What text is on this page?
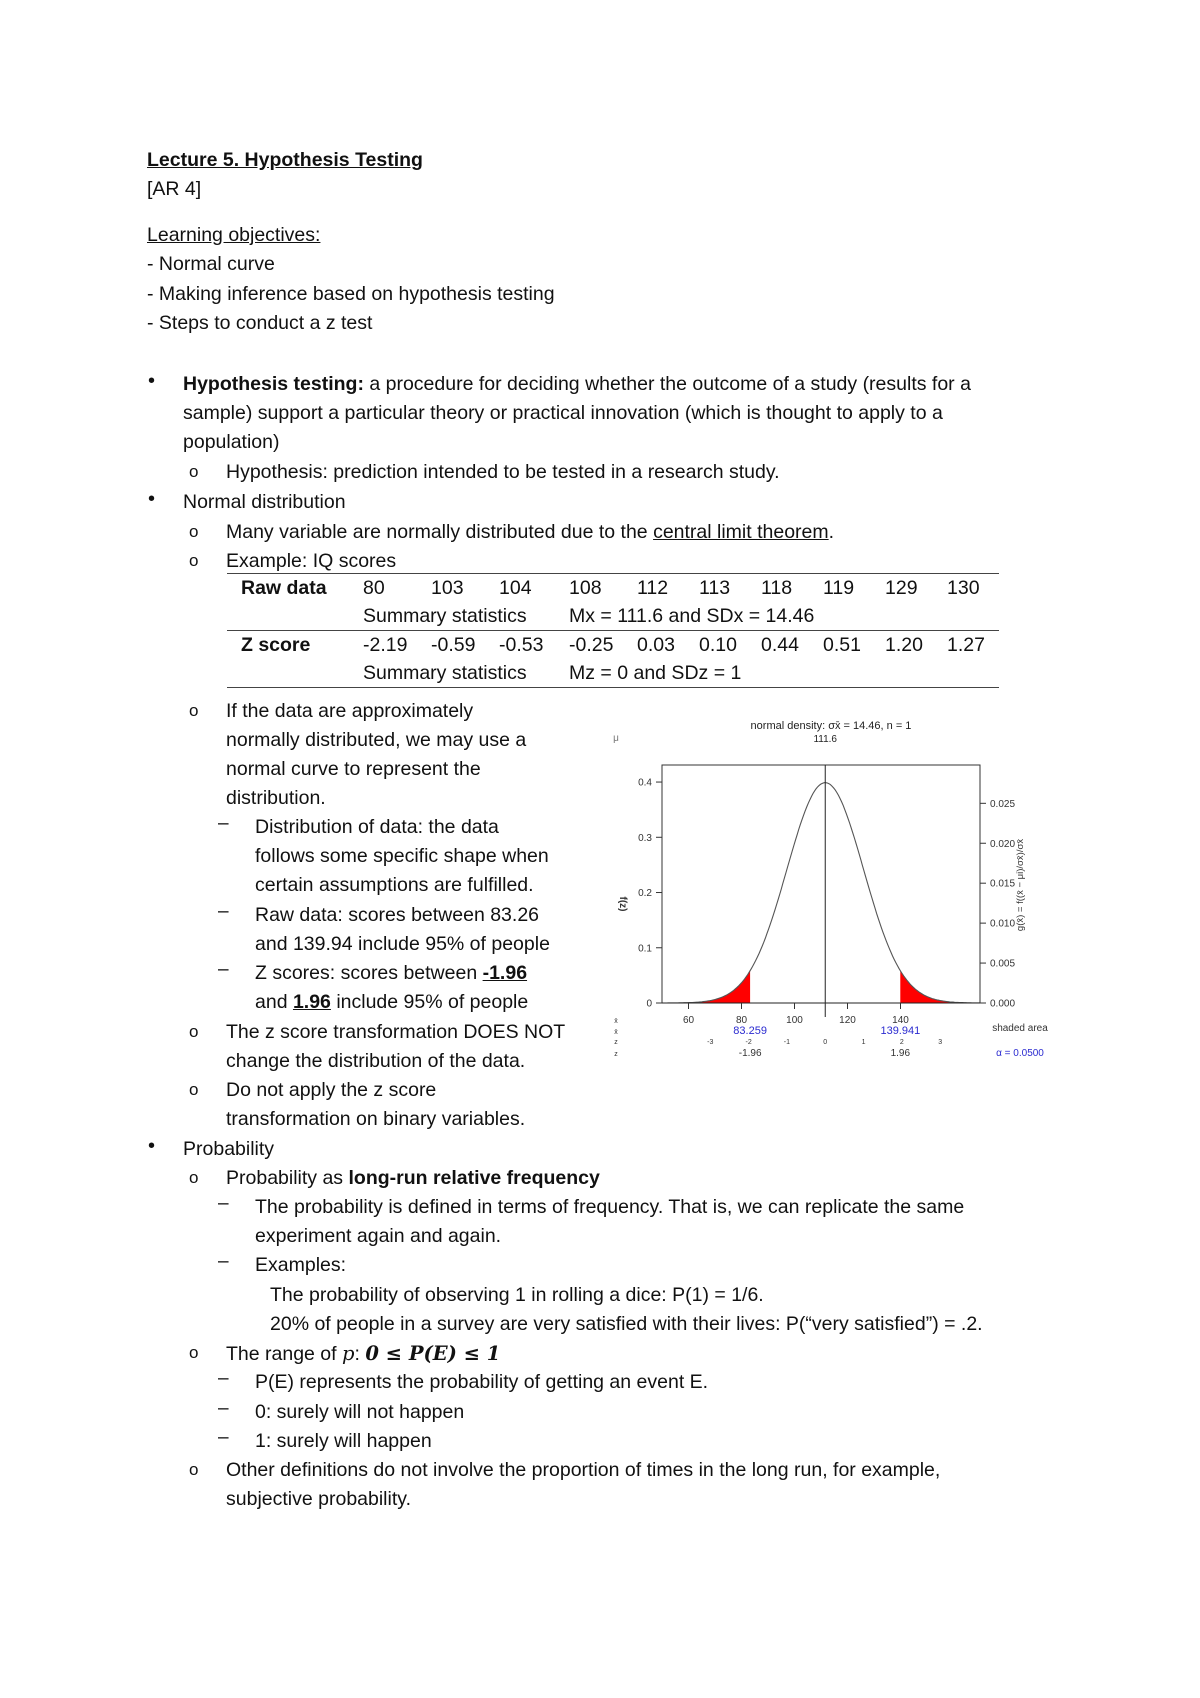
Lecture 5. Hypothesis Testing
[AR 4]
Learning objectives:
- Normal curve
- Making inference based on hypothesis testing
- Steps to conduct a z test
• Hypothesis testing: a procedure for deciding whether the outcome of a study (results for a
sample) support a particular theory or practical innovation (which is thought to apply to a
population)
o Hypothesis: prediction intended to be tested in a research study.
• Normal distribution
o Many variable are normally distributed due to the central limit theorem.
o Example: IQ scores
Raw data	80	103	104	108	112	113	118	119	129	130
	Summary statistics			Mx = 111.6 and SDx = 14.46						
Z score	-2.19	-0.59	-0.53	-0.25	0.03	0.10	0.44	0.51	1.20	1.27
	Summary statistics			Mz = 0 and SDz = 1						
o If the data are approximately
normally distributed, we may use a
normal curve to represent the
distribution.
– Distribution of data: the data
follows some specific shape when
certain assumptions are fulfilled.
– Raw data: scores between 83.26
and 139.94 include 95% of people
– Z scores: scores between -1.96
and 1.96 include 95% of people
o The z score transformation DOES NOT
change the distribution of the data.
o Do not apply the z score
transformation on binary variables.
normal density: σx̄ = 14.46, n = 1
111.6
μ
0
0.1
0.2
0.3
0.4
f(z)
0.000
0.005
0.010
0.015
0.020
0.025
g(x̄) = f((x̄ − μi)/σx̄)/σx̄
60	80	100	120	140
83.259	139.941
-3	-2	-1	0	1	2	3
-1.96	1.96
x̄
x̄
z
z
shaded area
α = 0.0500
• Probability
o Probability as long-run relative frequency
– The probability is defined in terms of frequency. That is, we can replicate the same
experiment again and again.
– Examples:
The probability of observing 1 in rolling a dice: P(1) = 1/6.
20% of people in a survey are very satisfied with their lives: P(“very satisfied”) = .2.
o The range of p: 0 ≤ P(E) ≤ 1
– P(E) represents the probability of getting an event E.
– 0: surely will not happen
– 1: surely will happen
o Other definitions do not involve the proportion of times in the long run, for example,
subjective probability.
